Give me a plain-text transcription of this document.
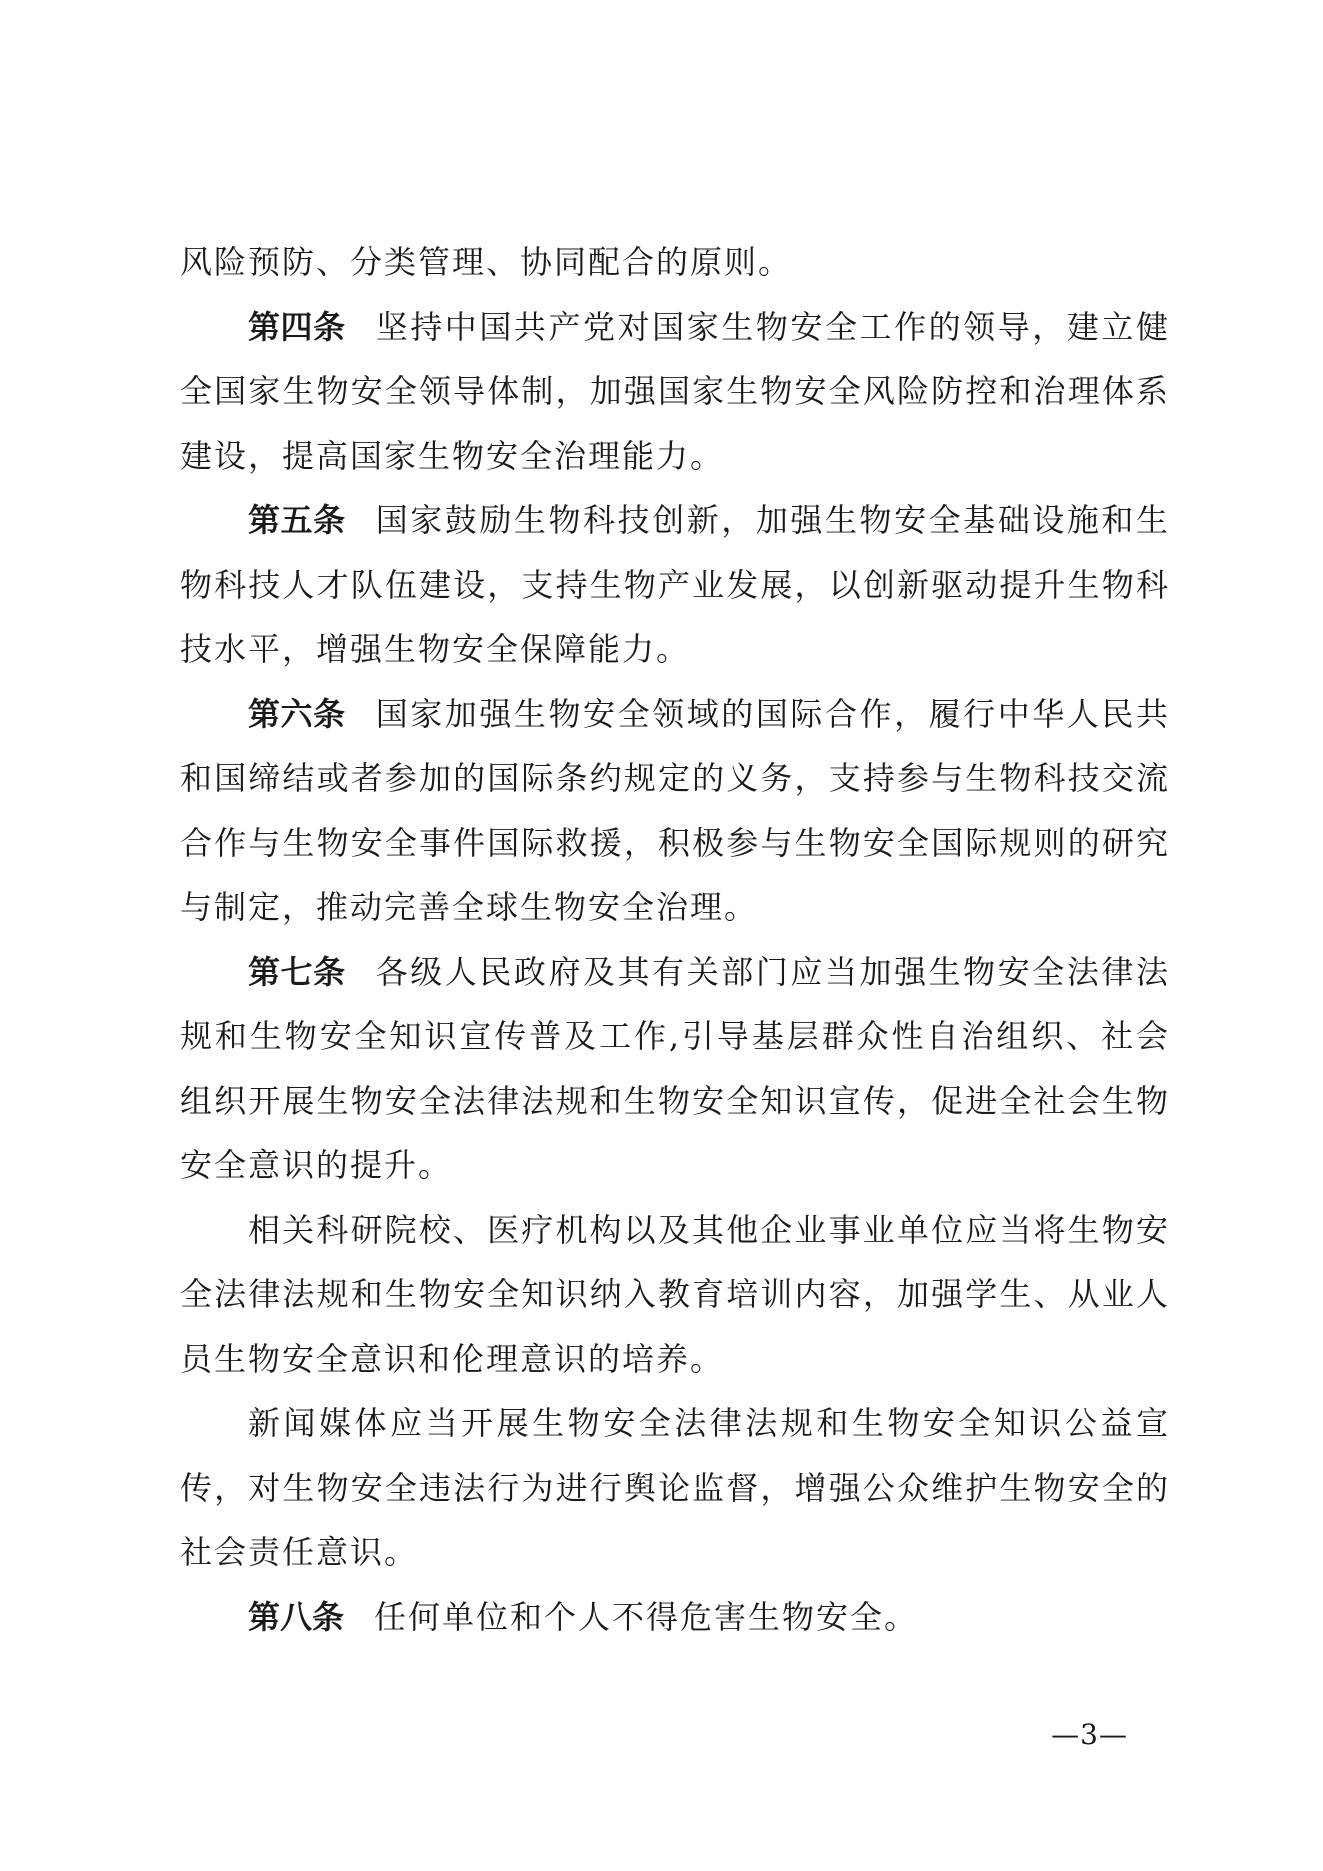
风险预防、分类管理、协同配合的原则。

第四条 坚持中国共产党对国家生物安全工作的领导，建立健全国家生物安全领导体制，加强国家生物安全风险防控和治理体系建设，提高国家生物安全治理能力。

第五条 国家鼓励生物科技创新，加强生物安全基础设施和生物科技人才队伍建设，支持生物产业发展，以创新驱动提升生物科技水平，增强生物安全保障能力。

第六条 国家加强生物安全领域的国际合作，履行中华人民共和国缔结或者参加的国际条约规定的义务，支持参与生物科技交流合作与生物安全事件国际救援，积极参与生物安全国际规则的研究与制定，推动完善全球生物安全治理。

第七条 各级人民政府及其有关部门应当加强生物安全法律法规和生物安全知识宣传普及工作,引导基层群众性自治组织、社会组织开展生物安全法律法规和生物安全知识宣传，促进全社会生物安全意识的提升。

相关科研院校、医疗机构以及其他企业事业单位应当将生物安全法律法规和生物安全知识纳入教育培训内容，加强学生、从业人员生物安全意识和伦理意识的培养。

新闻媒体应当开展生物安全法律法规和生物安全知识公益宣传，对生物安全违法行为进行舆论监督，增强公众维护生物安全的社会责任意识。

第八条 任何单位和个人不得危害生物安全。

—3—
